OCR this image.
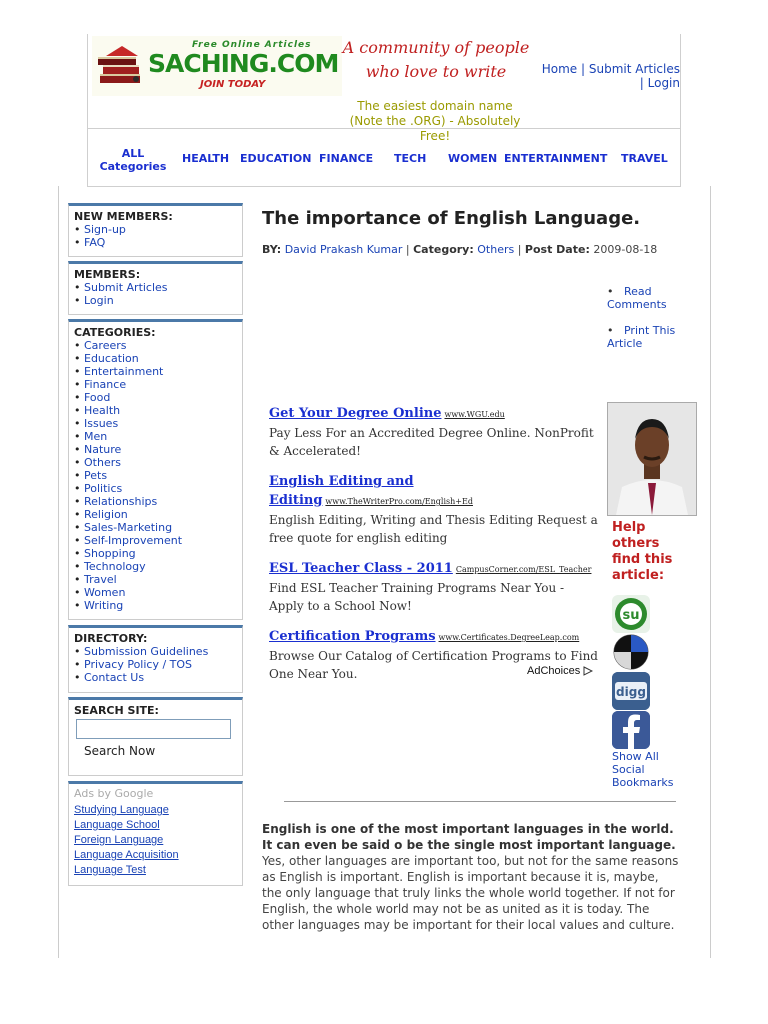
Free Online Articles
SACHING.COM
JOIN TODAY
A community of people
who love to write	Home | Submit Articles
| Login
The easiest domain name (Note the .ORG) - Absolutely Free!
ALL Categories
HEALTH EDUCATION FINANCE TECH WOMEN ENTERTAINMENT TRAVEL
NEW MEMBERS:
• Sign-up
• FAQ
MEMBERS:
• Submit Articles
• Login
CATEGORIES:
• Careers
• Education
• Entertainment
• Finance
• Food
• Health
• Issues
• Men
• Nature
• Others
• Pets
• Politics
• Relationships
• Religion
• Sales-Marketing
• Self-Improvement
• Shopping
• Technology
• Travel
• Women
• Writing
DIRECTORY:
• Submission Guidelines
• Privacy Policy / TOS
• Contact Us
SEARCH SITE:
Search Now
Ads by Google
Studying Language
Language School
Foreign Language
Language Acquisition
Language Test
The importance of English Language.
BY: David Prakash Kumar | Category: Others | Post Date: 2009-08-18
•   Read Comments
•   Print This Article
Get Your Degree Online www.WGU.edu
Pay Less For an Accredited Degree Online. NonProfit & Accelerated!
English Editing and Editing www.TheWriterPro.com/English+Ed
English Editing, Writing and Thesis Editing Request a free quote for english editing
ESL Teacher Class - 2011 CampusCorner.com/ESL_Teacher
Find ESL Teacher Training Programs Near You - Apply to a School Now!
Certification Programs www.Certificates.DegreeLeap.com
Browse Our Catalog of Certification Programs to Find One Near You.	AdChoices
Help others find this article:
su
digg
Show All Social Bookmarks
English is one of the most important languages in the world. It can even be said o be the single most important language. Yes, other languages are important too, but not for the same reasons as English is important. English is important because it is, maybe, the only language that truly links the whole world together. If not for English, the whole world may not be as united as it is today. The other languages may be important for their local values and culture.
